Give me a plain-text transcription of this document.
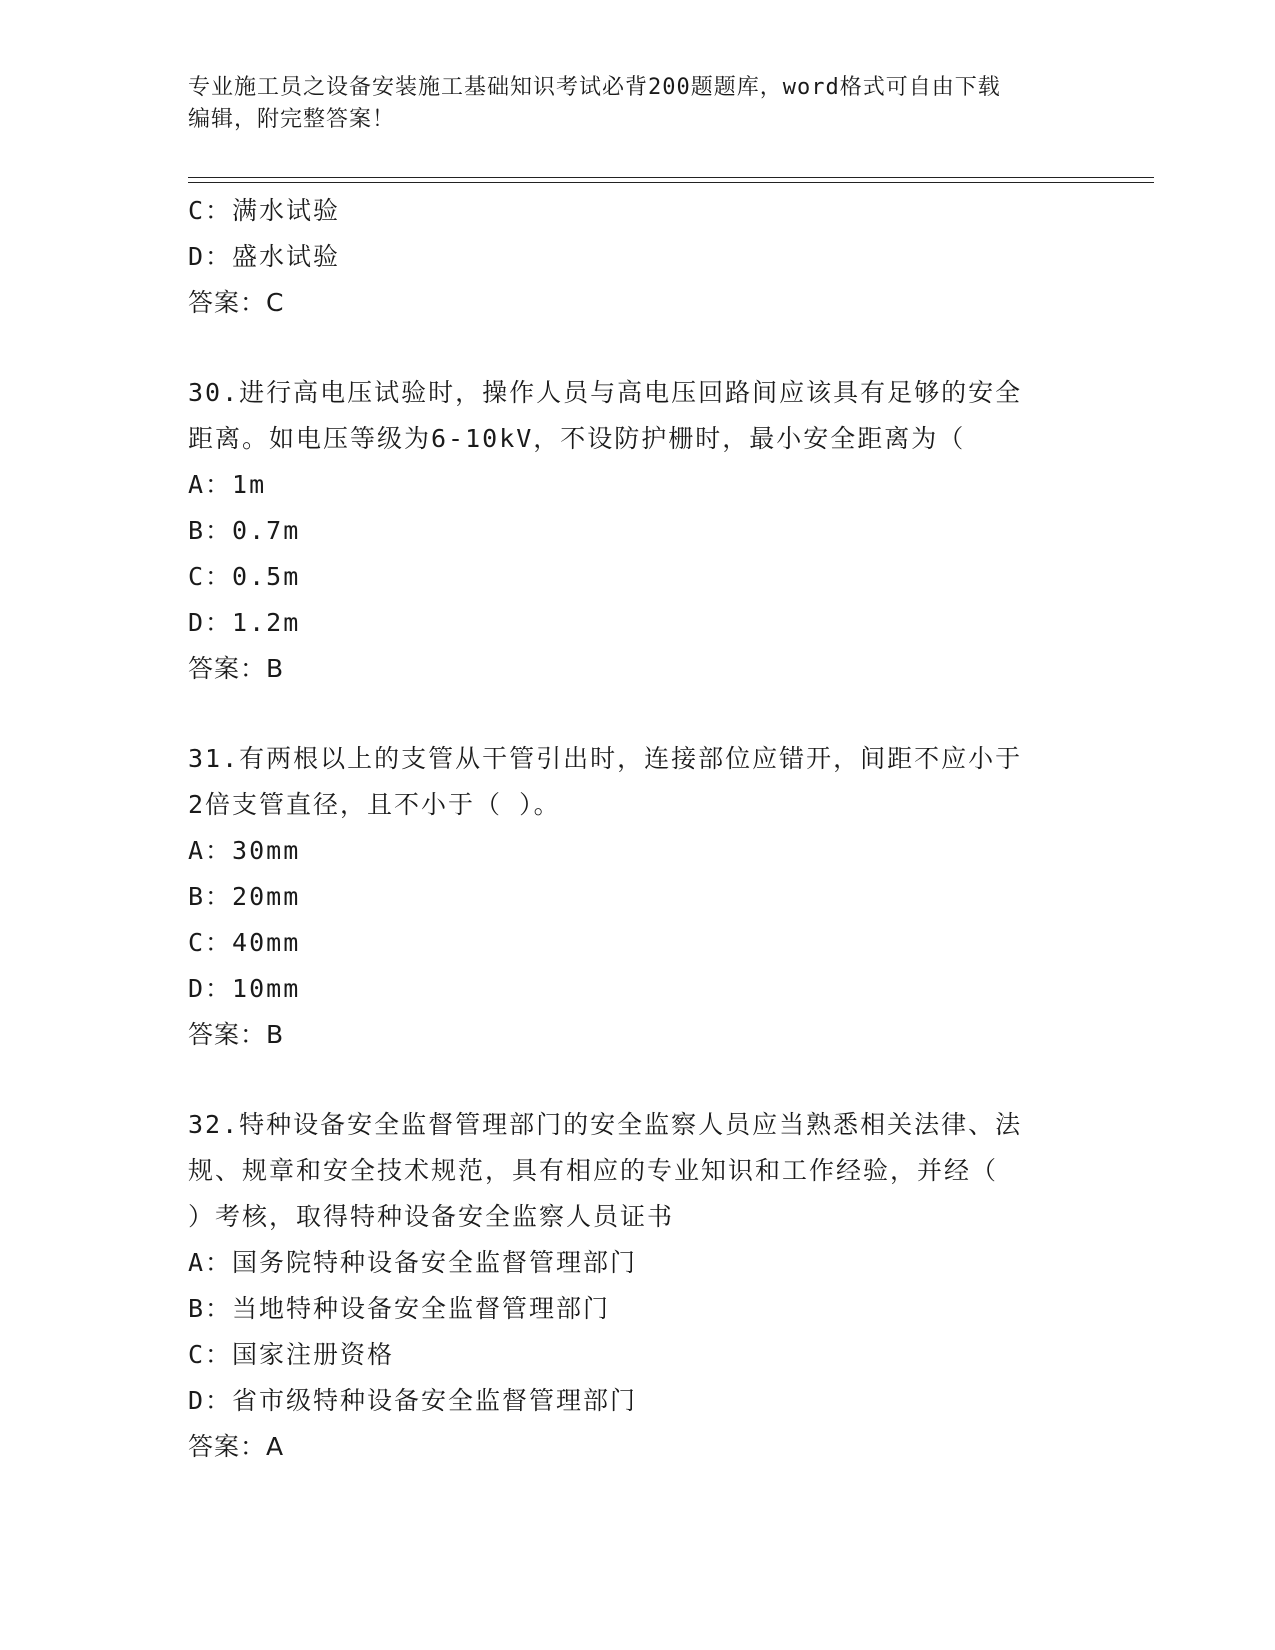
专业施工员之设备安装施工基础知识考试必背200题题库，word格式可自由下载
编辑，附完整答案！
C：满水试验
D：盛水试验
答案：C
30.进行高电压试验时，操作人员与高电压回路间应该具有足够的安全
距离。如电压等级为6-10kV，不设防护栅时，最小安全距离为（
A：1m
B：0.7m
C：0.5m
D：1.2m
答案：B
31.有两根以上的支管从干管引出时，连接部位应错开，间距不应小于
2倍支管直径，且不小于（ ）。
A：30mm
B：20mm
C：40mm
D：10mm
答案：B
32.特种设备安全监督管理部门的安全监察人员应当熟悉相关法律、法
规、规章和安全技术规范，具有相应的专业知识和工作经验，并经（
）考核，取得特种设备安全监察人员证书
A：国务院特种设备安全监督管理部门
B：当地特种设备安全监督管理部门
C：国家注册资格
D：省市级特种设备安全监督管理部门
答案：A
